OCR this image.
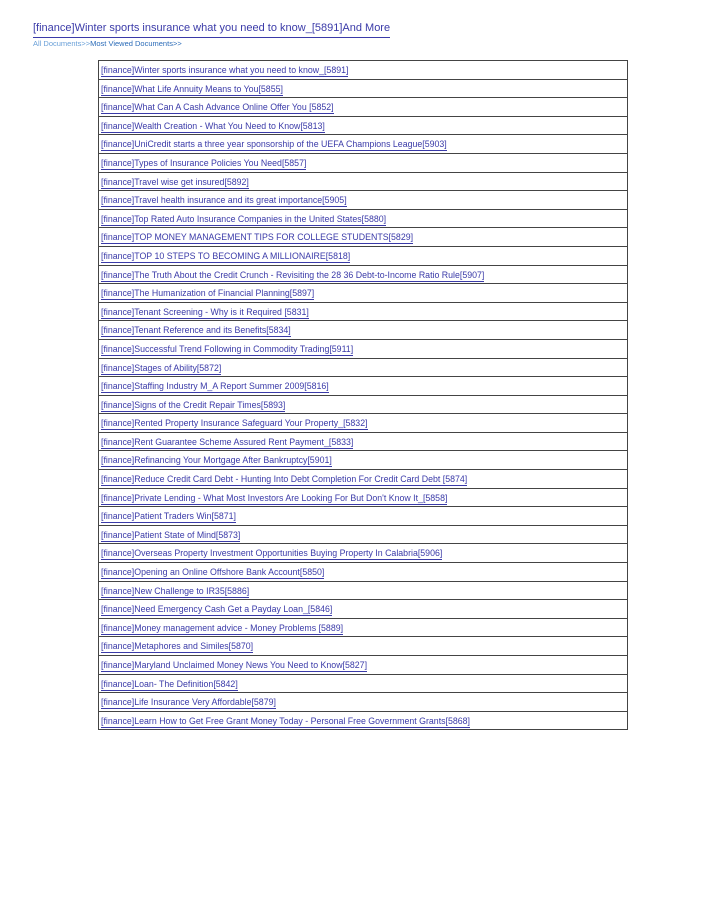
[finance]Winter sports insurance what you need to know_[5891]And More
All Documents>>Most Viewed Documents>>
[finance]Winter sports insurance what you need to know_[5891]
[finance]What Life Annuity Means to You[5855]
[finance]What Can A Cash Advance Online Offer You [5852]
[finance]Wealth Creation - What You Need to Know[5813]
[finance]UniCredit starts a three year sponsorship of the UEFA Champions League[5903]
[finance]Types of Insurance Policies You Need[5857]
[finance]Travel wise get insured[5892]
[finance]Travel health insurance and its great importance[5905]
[finance]Top Rated Auto Insurance Companies in the United States[5880]
[finance]TOP MONEY MANAGEMENT TIPS FOR COLLEGE STUDENTS[5829]
[finance]TOP 10 STEPS TO BECOMING A MILLIONAIRE[5818]
[finance]The Truth About the Credit Crunch - Revisiting the 28 36 Debt-to-Income Ratio Rule[5907]
[finance]The Humanization of Financial Planning[5897]
[finance]Tenant Screening - Why is it Required [5831]
[finance]Tenant Reference and its Benefits[5834]
[finance]Successful Trend Following in Commodity Trading[5911]
[finance]Stages of Ability[5872]
[finance]Staffing Industry M_A Report Summer 2009[5816]
[finance]Signs of the Credit Repair Times[5893]
[finance]Rented Property Insurance Safeguard Your Property_[5832]
[finance]Rent Guarantee Scheme Assured Rent Payment_[5833]
[finance]Refinancing Your Mortgage After Bankruptcy[5901]
[finance]Reduce Credit Card Debt - Hunting Into Debt Completion For Credit Card Debt [5874]
[finance]Private Lending - What Most Investors Are Looking For But Don't Know It_[5858]
[finance]Patient Traders Win[5871]
[finance]Patient State of Mind[5873]
[finance]Overseas Property Investment Opportunities Buying Property In Calabria[5906]
[finance]Opening an Online Offshore Bank Account[5850]
[finance]New Challenge to IR35[5886]
[finance]Need Emergency Cash Get a Payday Loan_[5846]
[finance]Money management advice - Money Problems [5889]
[finance]Metaphores and Similes[5870]
[finance]Maryland Unclaimed Money News You Need to Know[5827]
[finance]Loan- The Definition[5842]
[finance]Life Insurance Very Affordable[5879]
[finance]Learn How to Get Free Grant Money Today - Personal Free Government Grants[5868]
